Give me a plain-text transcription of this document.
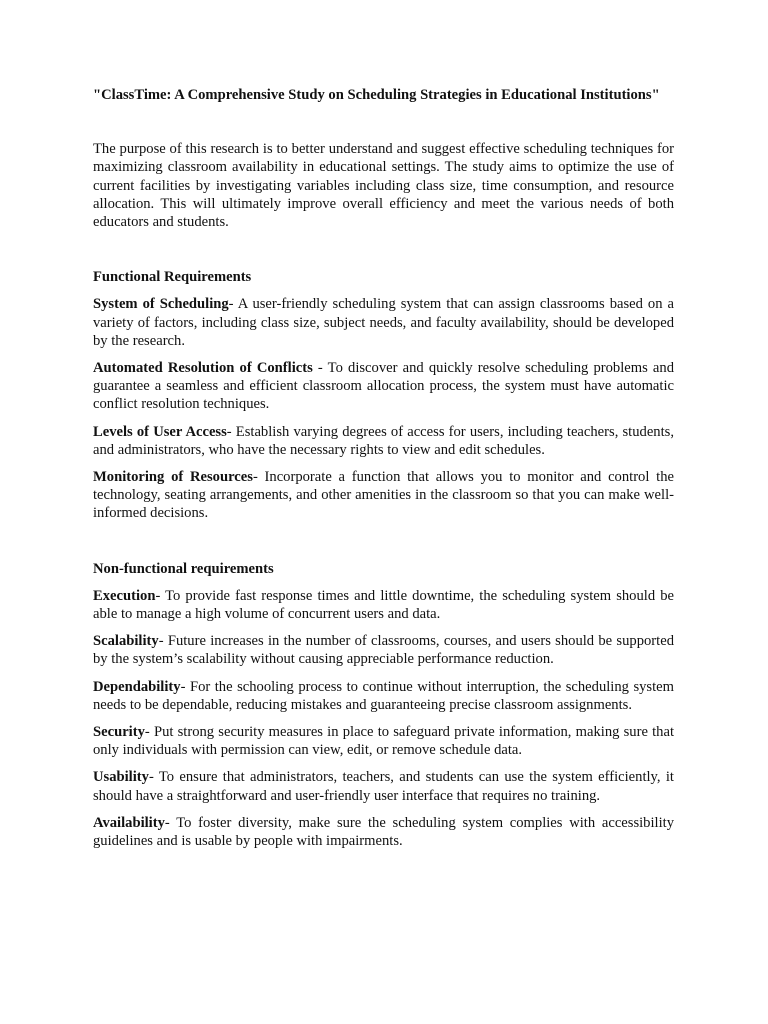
"ClassTime: A Comprehensive Study on Scheduling Strategies in Educational Institutions"

The purpose of this research is to better understand and suggest effective scheduling techniques for maximizing classroom availability in educational settings. The study aims to optimize the use of current facilities by investigating variables including class size, time consumption, and resource allocation. This will ultimately improve overall efficiency and meet the various needs of both educators and students.

Functional Requirements

System of Scheduling- A user-friendly scheduling system that can assign classrooms based on a variety of factors, including class size, subject needs, and faculty availability, should be developed by the research.

Automated Resolution of Conflicts - To discover and quickly resolve scheduling problems and guarantee a seamless and efficient classroom allocation process, the system must have automatic conflict resolution techniques.

Levels of User Access- Establish varying degrees of access for users, including teachers, students, and administrators, who have the necessary rights to view and edit schedules.

Monitoring of Resources- Incorporate a function that allows you to monitor and control the technology, seating arrangements, and other amenities in the classroom so that you can make well-informed decisions.

Non-functional requirements

Execution- To provide fast response times and little downtime, the scheduling system should be able to manage a high volume of concurrent users and data.

Scalability- Future increases in the number of classrooms, courses, and users should be supported by the system’s scalability without causing appreciable performance reduction.

Dependability- For the schooling process to continue without interruption, the scheduling system needs to be dependable, reducing mistakes and guaranteeing precise classroom assignments.

Security- Put strong security measures in place to safeguard private information, making sure that only individuals with permission can view, edit, or remove schedule data.

Usability- To ensure that administrators, teachers, and students can use the system efficiently, it should have a straightforward and user-friendly user interface that requires no training.

Availability- To foster diversity, make sure the scheduling system complies with accessibility guidelines and is usable by people with impairments.
